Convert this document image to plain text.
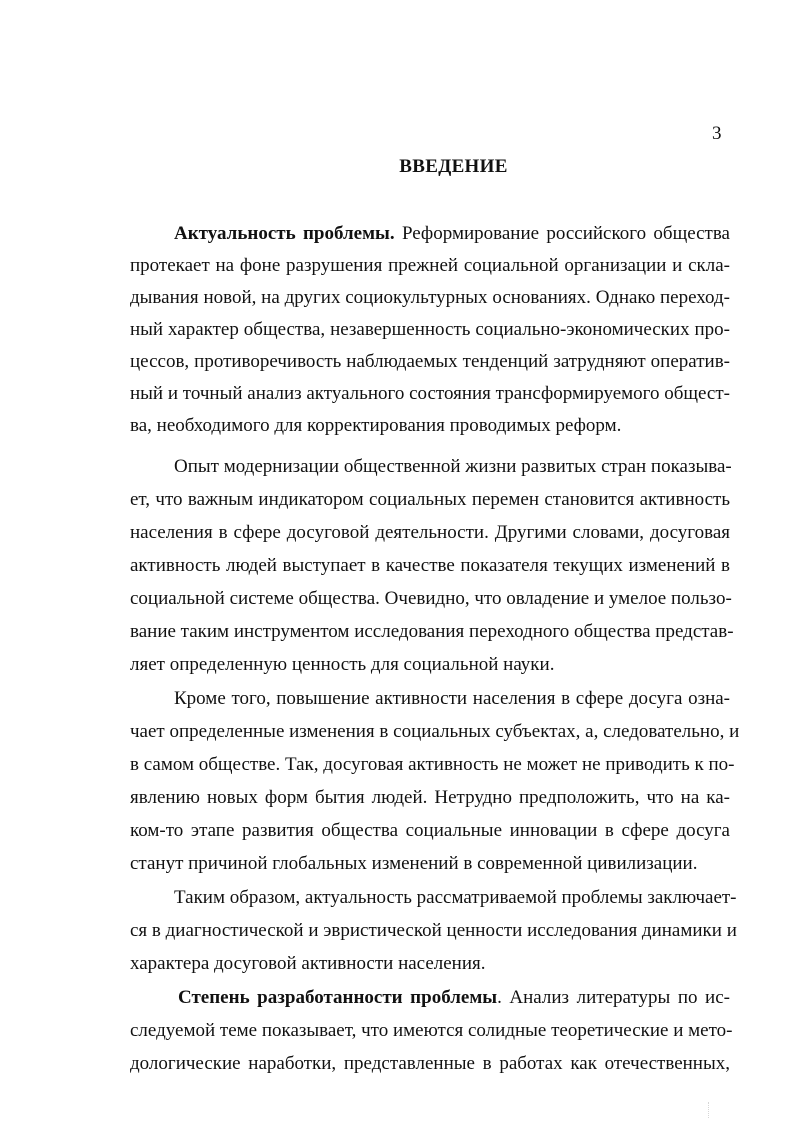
3
ВВЕДЕНИЕ
Актуальность проблемы. Реформирование российского общества
протекает на фоне разрушения прежней социальной организации и скла-
дывания новой, на других социокультурных основаниях. Однако переход-
ный характер общества, незавершенность социально-экономических про-
цессов, противоречивость наблюдаемых тенденций затрудняют оператив-
ный и точный анализ актуального состояния трансформируемого общест-
ва, необходимого для корректирования проводимых реформ.
Опыт модернизации общественной жизни развитых стран показыва-
ет, что важным индикатором социальных перемен становится активность
населения в сфере досуговой деятельности. Другими словами, досуговая
активность людей выступает в качестве показателя текущих изменений в
социальной системе общества. Очевидно, что овладение и умелое пользо-
вание таким инструментом исследования переходного общества представ-
ляет определенную ценность для социальной науки.
Кроме того, повышение активности населения в сфере досуга озна-
чает определенные изменения в социальных субъектах, а, следовательно, и
в самом обществе. Так, досуговая активность не может не приводить к по-
явлению новых форм бытия людей. Нетрудно предположить, что на ка-
ком-то этапе развития общества социальные инновации в сфере досуга
станут причиной глобальных изменений в современной цивилизации.
Таким образом, актуальность рассматриваемой проблемы заключает-
ся в диагностической и эвристической ценности исследования динамики и
характера досуговой активности населения.
Степень разработанности проблемы. Анализ литературы по ис-
следуемой теме показывает, что имеются солидные теоретические и мето-
дологические наработки, представленные в работах как отечественных,
